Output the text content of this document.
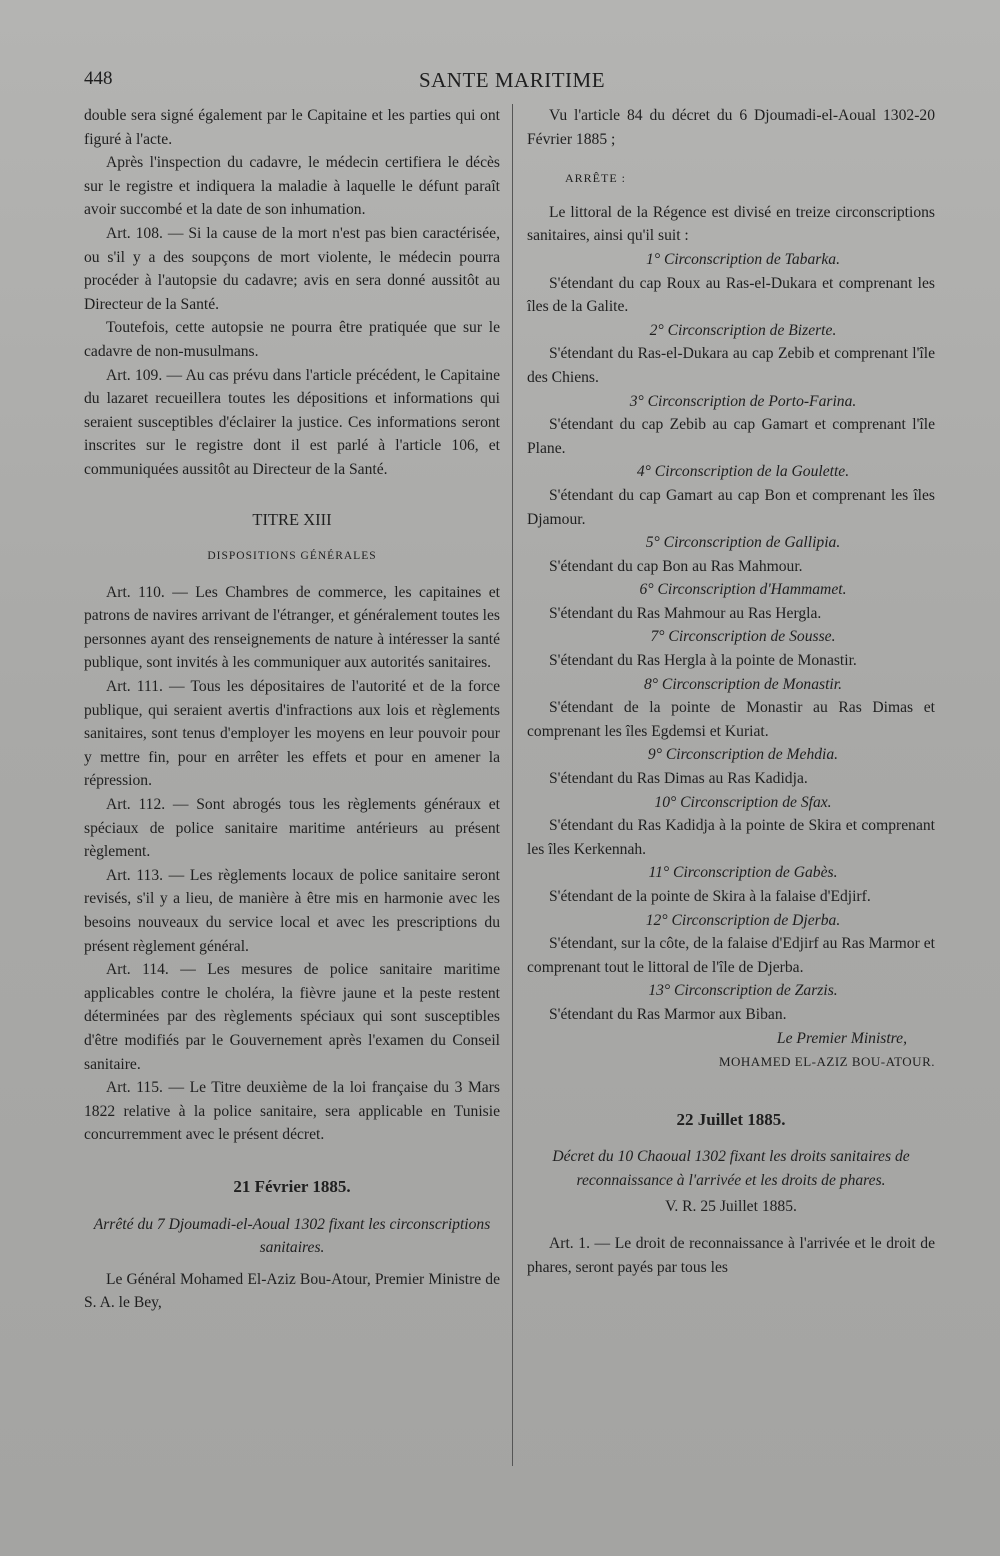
448	SANTE MARITIME

double sera signé également par le Capitaine et les parties qui ont figuré à l'acte.

Après l'inspection du cadavre, le médecin certifiera le décès sur le registre et indiquera la maladie à laquelle le défunt paraît avoir succombé et la date de son inhumation.

Art. 108. — Si la cause de la mort n'est pas bien caractérisée, ou s'il y a des soupçons de mort violente, le médecin pourra procéder à l'autopsie du cadavre; avis en sera donné aussitôt au Directeur de la Santé.

Toutefois, cette autopsie ne pourra être pratiquée que sur le cadavre de non-musulmans.

Art. 109. — Au cas prévu dans l'article précédent, le Capitaine du lazaret recueillera toutes les dépositions et informations qui seraient susceptibles d'éclairer la justice. Ces informations seront inscrites sur le registre dont il est parlé à l'article 106, et communiquées aussitôt au Directeur de la Santé.

TITRE XIII

DISPOSITIONS GÉNÉRALES

Art. 110. — Les Chambres de commerce, les capitaines et patrons de navires arrivant de l'étranger, et généralement toutes les personnes ayant des renseignements de nature à intéresser la santé publique, sont invités à les communiquer aux autorités sanitaires.

Art. 111. — Tous les dépositaires de l'autorité et de la force publique, qui seraient avertis d'infractions aux lois et règlements sanitaires, sont tenus d'employer les moyens en leur pouvoir pour y mettre fin, pour en arrêter les effets et pour en amener la répression.

Art. 112. — Sont abrogés tous les règlements généraux et spéciaux de police sanitaire maritime antérieurs au présent règlement.

Art. 113. — Les règlements locaux de police sanitaire seront revisés, s'il y a lieu, de manière à être mis en harmonie avec les besoins nouveaux du service local et avec les prescriptions du présent règlement général.

Art. 114. — Les mesures de police sanitaire maritime applicables contre le choléra, la fièvre jaune et la peste restent déterminées par des règlements spéciaux qui sont susceptibles d'être modifiés par le Gouvernement après l'examen du Conseil sanitaire.

Art. 115. — Le Titre deuxième de la loi française du 3 Mars 1822 relative à la police sanitaire, sera applicable en Tunisie concurremment avec le présent décret.

21 Février 1885.

Arrêté du 7 Djoumadi-el-Aoual 1302 fixant les circonscriptions sanitaires.

Le Général Mohamed El-Aziz Bou-Atour, Premier Ministre de S. A. le Bey,

Vu l'article 84 du décret du 6 Djoumadi-el-Aoual 1302-20 Février 1885 ;

ARRÊTE :

Le littoral de la Régence est divisé en treize circonscriptions sanitaires, ainsi qu'il suit :

1° Circonscription de Tabarka.

S'étendant du cap Roux au Ras-el-Dukara et comprenant les îles de la Galite.

2° Circonscription de Bizerte.

S'étendant du Ras-el-Dukara au cap Zebib et comprenant l'île des Chiens.

3° Circonscription de Porto-Farina.

S'étendant du cap Zebib au cap Gamart et comprenant l'île Plane.

4° Circonscription de la Goulette.

S'étendant du cap Gamart au cap Bon et comprenant les îles Djamour.

5° Circonscription de Gallipia.

S'étendant du cap Bon au Ras Mahmour.

6° Circonscription d'Hammamet.

S'étendant du Ras Mahmour au Ras Hergla.

7° Circonscription de Sousse.

S'étendant du Ras Hergla à la pointe de Monastir.

8° Circonscription de Monastir.

S'étendant de la pointe de Monastir au Ras Dimas et comprenant les îles Egdemsi et Kuriat.

9° Circonscription de Mehdia.

S'étendant du Ras Dimas au Ras Kadidja.

10° Circonscription de Sfax.

S'étendant du Ras Kadidja à la pointe de Skira et comprenant les îles Kerkennah.

11° Circonscription de Gabès.

S'étendant de la pointe de Skira à la falaise d'Edjirf.

12° Circonscription de Djerba.

S'étendant, sur la côte, de la falaise d'Edjirf au Ras Marmor et comprenant tout le littoral de l'île de Djerba.

13° Circonscription de Zarzis.

S'étendant du Ras Marmor aux Biban.

Le Premier Ministre,

MOHAMED EL-AZIZ BOU-ATOUR.

22 Juillet 1885.

Décret du 10 Chaoual 1302 fixant les droits sanitaires de reconnaissance à l'arrivée et les droits de phares.

V. R. 25 Juillet 1885.

Art. 1. — Le droit de reconnaissance à l'arrivée et le droit de phares, seront payés par tous les
